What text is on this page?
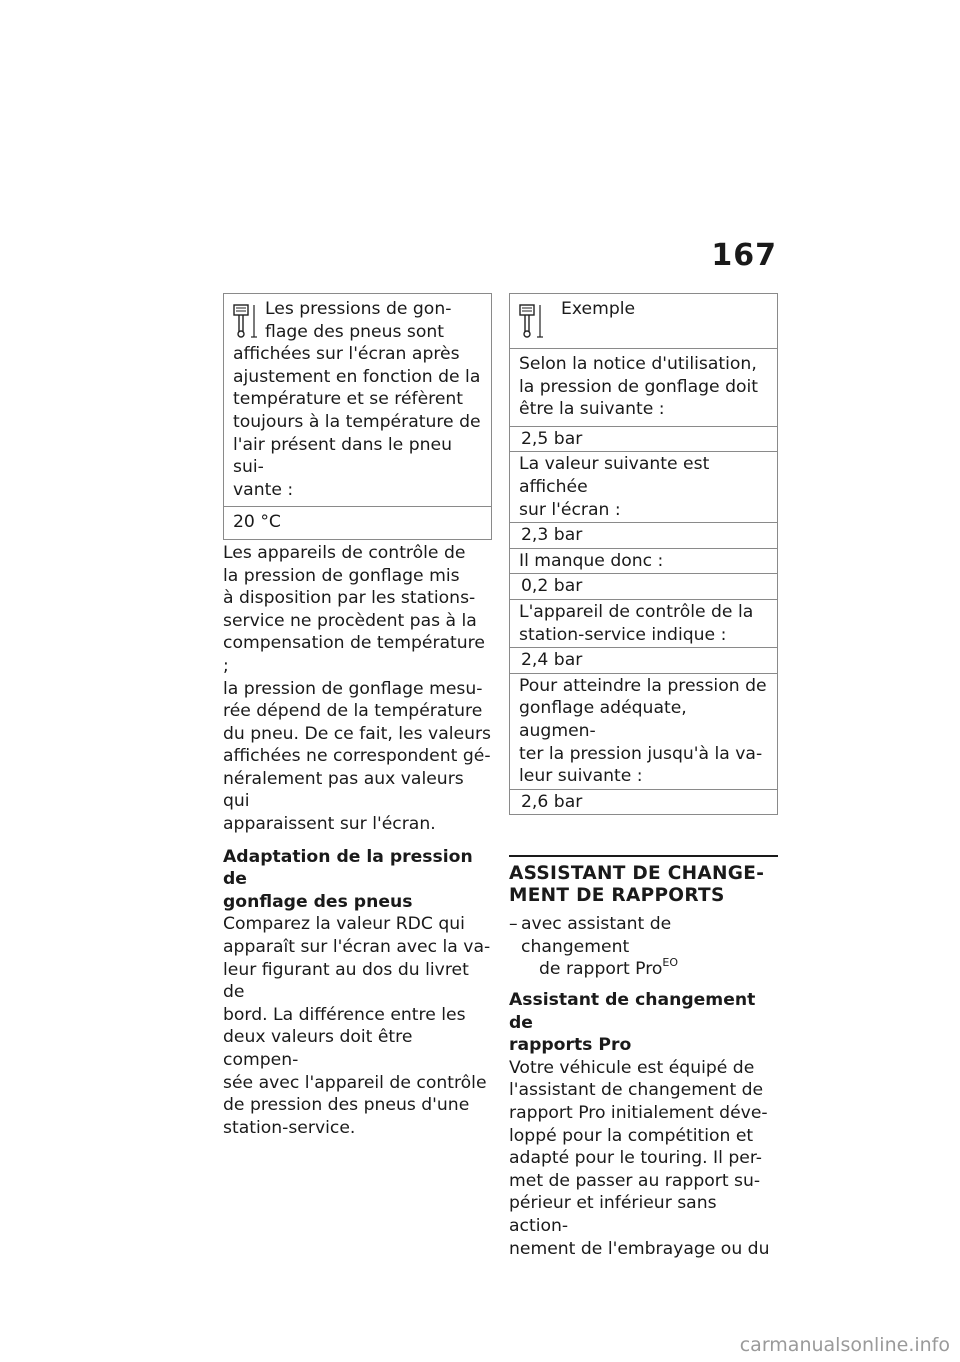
167
Les pressions de gon-
flage des pneus sont
affichées sur l'écran après
ajustement en fonction de la
température et se réfèrent
toujours à la température de
l'air présent dans le pneu sui-
vante :
20 °C
Les appareils de contrôle de
la pression de gonflage mis
à disposition par les stations-
service ne procèdent pas à la
compensation de température ;
la pression de gonflage mesu-
rée dépend de la température
du pneu. De ce fait, les valeurs
affichées ne correspondent gé-
néralement pas aux valeurs qui
apparaissent sur l'écran.
Adaptation de la pression de
gonflage des pneus
Comparez la valeur RDC qui
apparaît sur l'écran avec la va-
leur figurant au dos du livret de
bord. La différence entre les
deux valeurs doit être compen-
sée avec l'appareil de contrôle
de pression des pneus d'une
station-service.
Exemple
Selon la notice d'utilisation,
la pression de gonflage doit
être la suivante :
2,5 bar
La valeur suivante est affichée
sur l'écran :
2,3 bar
Il manque donc :
0,2 bar
L'appareil de contrôle de la
station-service indique :
2,4 bar
Pour atteindre la pression de
gonflage adéquate, augmen-
ter la pression jusqu'à la va-
leur suivante :
2,6 bar
ASSISTANT DE CHANGE-
MENT DE RAPPORTS
– avec assistant de changement
de rapport Pro$^{EO}$
Assistant de changement de
rapports Pro
Votre véhicule est équipé de
l'assistant de changement de
rapport Pro initialement déve-
loppé pour la compétition et
adapté pour le touring. Il per-
met de passer au rapport su-
périeur et inférieur sans action-
nement de l'embrayage ou du
carmanualsonline.info
